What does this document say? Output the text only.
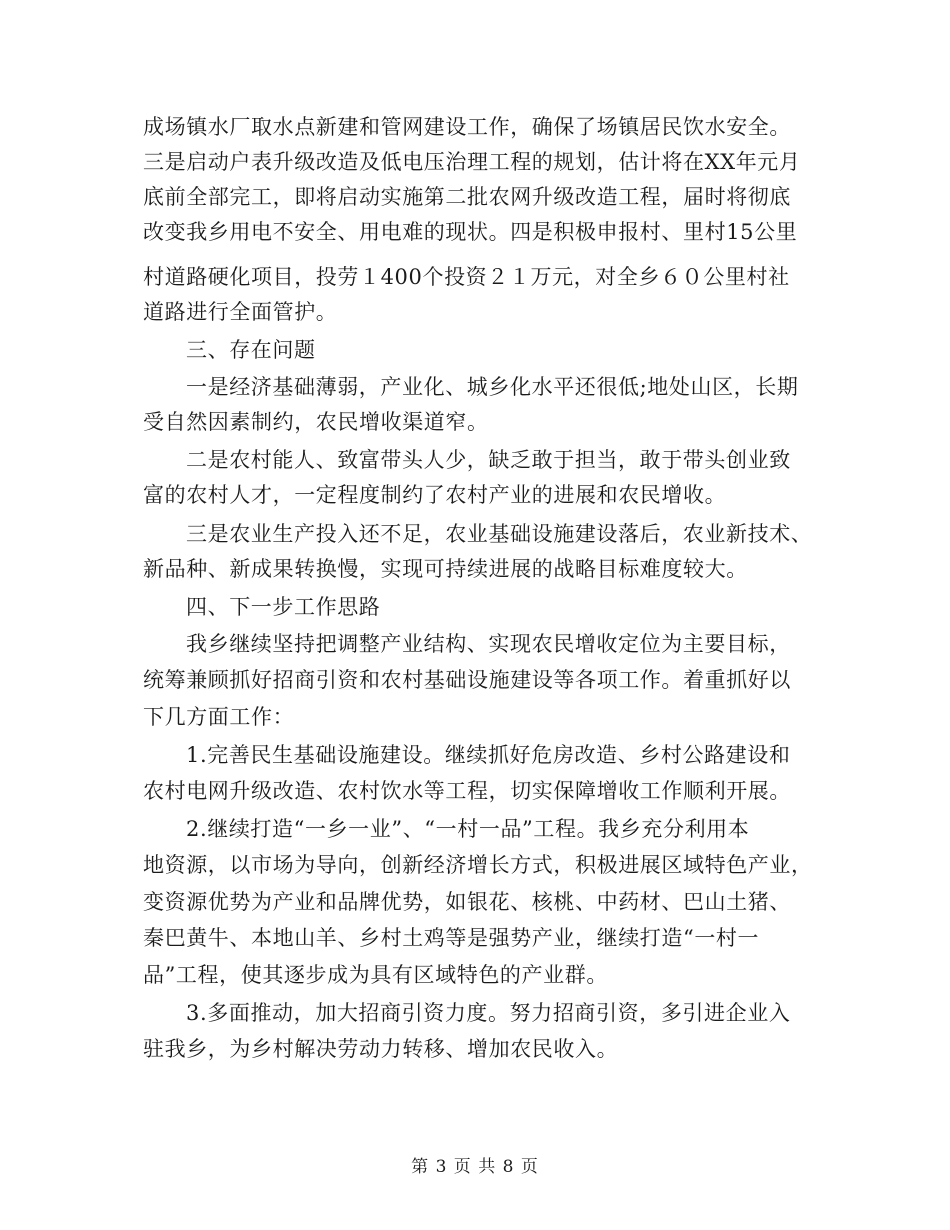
成场镇水厂取水点新建和管网建设工作，确保了场镇居民饮水安全。
三是启动户表升级改造及低电压治理工程的规划，估计将在XX年元月
底前全部完工，即将启动实施第二批农网升级改造工程，届时将彻底
改变我乡用电不安全、用电难的现状。四是积极申报村、里村15公里
村道路硬化项目，投劳１400个投资２１万元，对全乡６０公里村社
道路进行全面管护。
三、存在问题
一是经济基础薄弱，产业化、城乡化水平还很低;地处山区，长期
受自然因素制约，农民增收渠道窄。
二是农村能人、致富带头人少，缺乏敢于担当，敢于带头创业致
富的农村人才，一定程度制约了农村产业的进展和农民增收。
三是农业生产投入还不足，农业基础设施建设落后，农业新技术、
新品种、新成果转换慢，实现可持续进展的战略目标难度较大。
四、下一步工作思路
我乡继续坚持把调整产业结构、实现农民增收定位为主要目标，
统筹兼顾抓好招商引资和农村基础设施建设等各项工作。着重抓好以
下几方面工作：
1.完善民生基础设施建设。继续抓好危房改造、乡村公路建设和
农村电网升级改造、农村饮水等工程，切实保障增收工作顺利开展。
2.继续打造“一乡一业”、“一村一品”工程。我乡充分利用本
地资源，以市场为导向，创新经济增长方式，积极进展区域特色产业，
变资源优势为产业和品牌优势，如银花、核桃、中药材、巴山土猪、
秦巴黄牛、本地山羊、乡村土鸡等是强势产业，继续打造“一村一
品”工程，使其逐步成为具有区域特色的产业群。
3.多面推动，加大招商引资力度。努力招商引资，多引进企业入
驻我乡，为乡村解决劳动力转移、增加农民收入。
第 3 页 共 8 页
